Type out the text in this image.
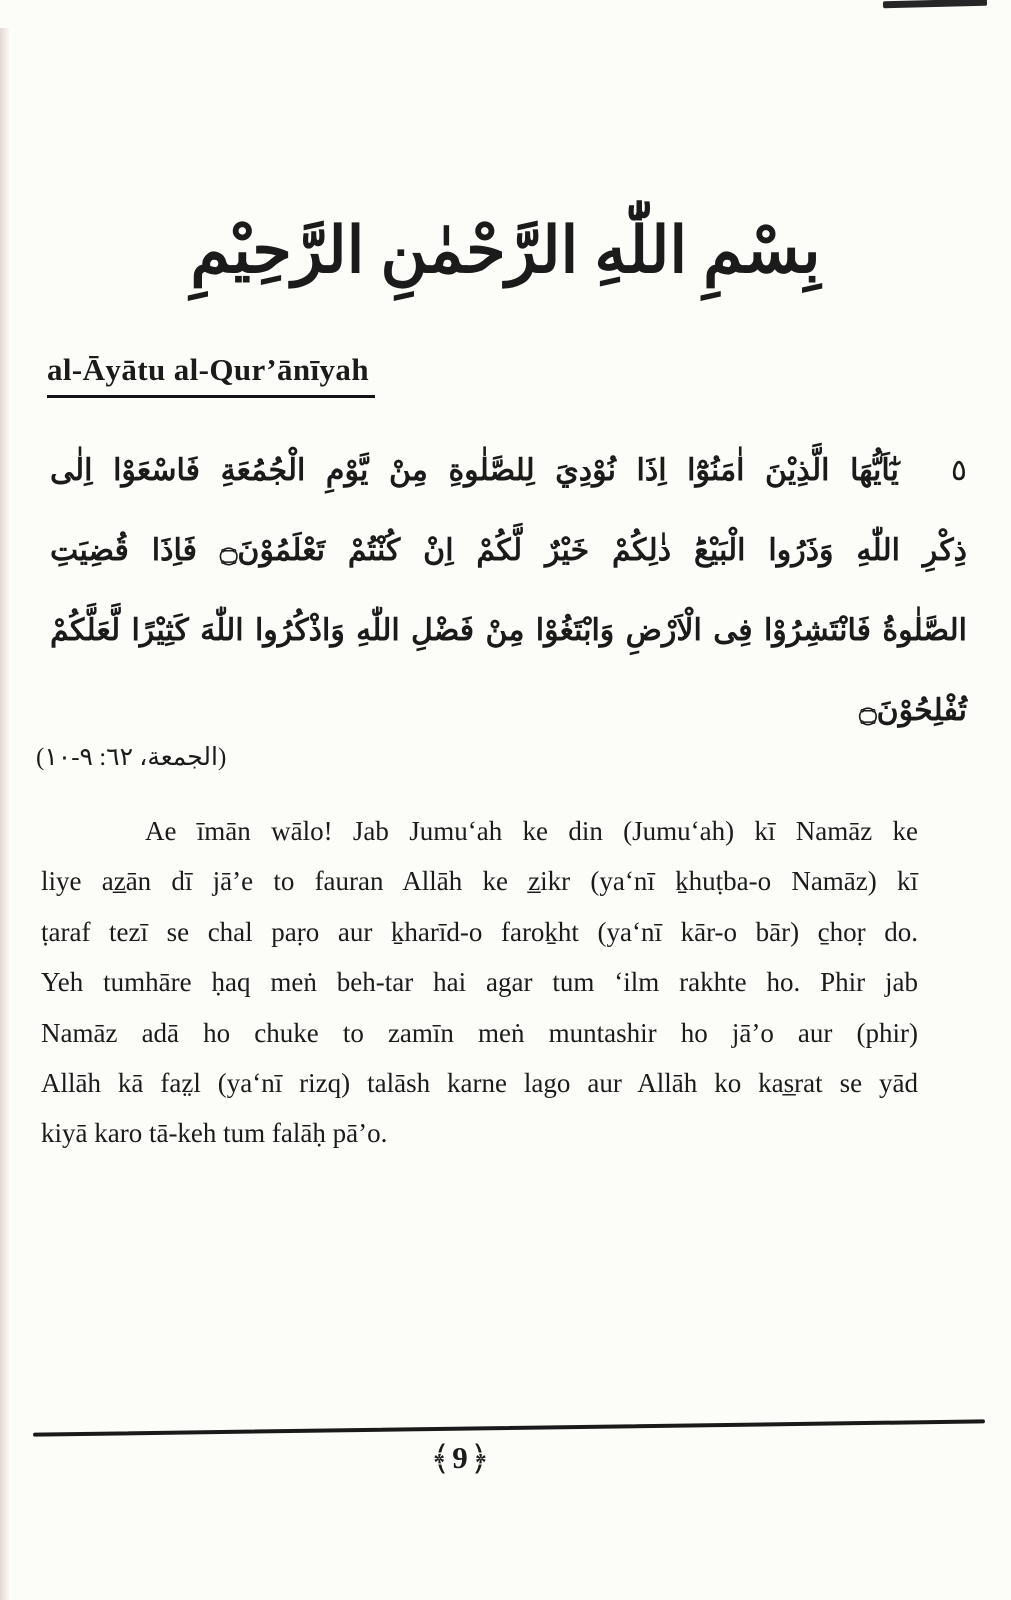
بِسْمِ اللّٰهِ الرَّحْمٰنِ الرَّحِيْمِ
al-Āyātu al-Qur’ānīyah
٥يٰٓاَيُّهَا الَّذِيْنَ اٰمَنُوْٓا اِذَا نُوْدِيَ لِلصَّلٰوةِ مِنْ يَّوْمِ الْجُمُعَةِ فَاسْعَوْا اِلٰى
ذِكْرِ اللّٰهِ وَذَرُوا الْبَيْعَؕ ذٰلِكُمْ خَيْرٌ لَّكُمْ اِنْ كُنْتُمْ تَعْلَمُوْنَ۝ فَاِذَا قُضِيَتِ
الصَّلٰوةُ فَانْتَشِرُوْا فِى الْاَرْضِ وَابْتَغُوْا مِنْ فَضْلِ اللّٰهِ وَاذْكُرُوا اللّٰهَ كَثِيْرًا لَّعَلَّكُمْ
تُفْلِحُوْنَ۝
(الجمعة، ٦٢: ٩-١٠)
Ae īmān wālo! Jab Jumu‘ah ke din (Jumu‘ah) kī Namāz ke
liye az̲ān dī jā’e to fauran Allāh ke z̲ikr (ya‘nī ḵhuṭba-o Namāz) kī
ṭaraf tezī se chal paṛo aur ḵharīd-o faroḵht (ya‘nī kār-o bār) c̱hoṛ do.
Yeh tumhāre ḥaq meṅ beh-tar hai agar tum ‘ilm rakhte ho. Phir jab
Namāz adā ho chuke to zamīn meṅ muntashir ho jā’o aur (phir)
Allāh kā faz̤l (ya‘nī rizq) talāsh karne lago aur Allāh ko kas̲rat se yād
kiyā karo tā-keh tum falāḥ pā’o.
﴾9﴿
